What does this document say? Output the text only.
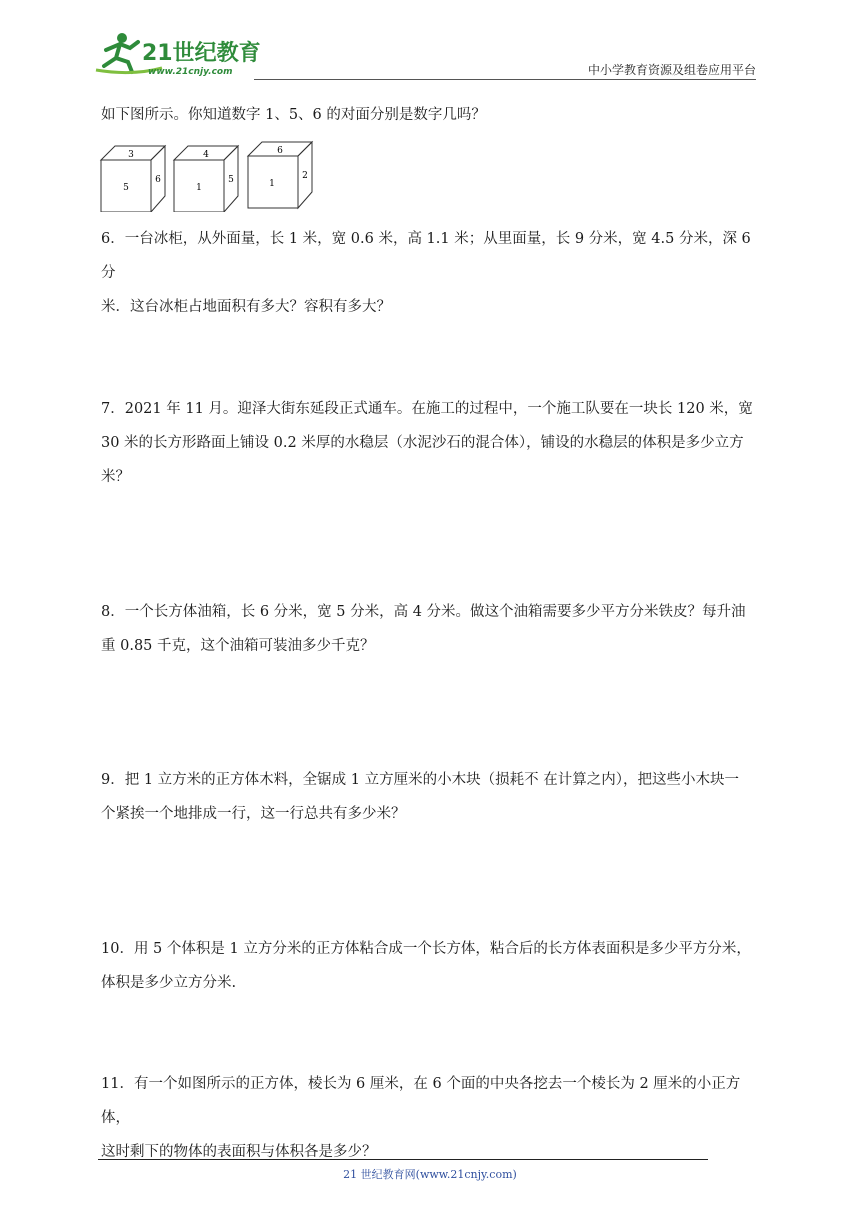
21世纪教育
www.21cnjy.com	中小学教育资源及组卷应用平台

如下图所示。你知道数字 1、5、6 的对面分别是数字几吗？

3
5
6
4
1
5
6
1
2
6．一台冰柜，从外面量，长 1 米，宽 0.6 米，高 1.1 米；从里面量，长 9 分米，宽 4.5 分米，深 6 分
米．这台冰柜占地面积有多大？容积有多大？
7．2021 年 11 月。迎泽大街东延段正式通车。在施工的过程中，一个施工队要在一块长 120 米，宽
30 米的长方形路面上铺设 0.2 米厚的水稳层（水泥沙石的混合体），铺设的水稳层的体积是多少立方
米？
8．一个长方体油箱，长 6 分米，宽 5 分米，高 4 分米。做这个油箱需要多少平方分米铁皮？每升油
重 0.85 千克，这个油箱可装油多少千克？
9．把 1 立方米的正方体木料，全锯成 1 立方厘米的小木块（损耗不 在计算之内），把这些小木块一
个紧挨一个地排成一行，这一行总共有多少米？
10．用 5 个体积是 1 立方分米的正方体粘合成一个长方体，粘合后的长方体表面积是多少平方分米，
体积是多少立方分米.
11．有一个如图所示的正方体，棱长为 6 厘米，在 6 个面的中央各挖去一个棱长为 2 厘米的小正方体，
这时剩下的物体的表面积与体积各是多少？
21 世纪教育网(www.21cnjy.com)
